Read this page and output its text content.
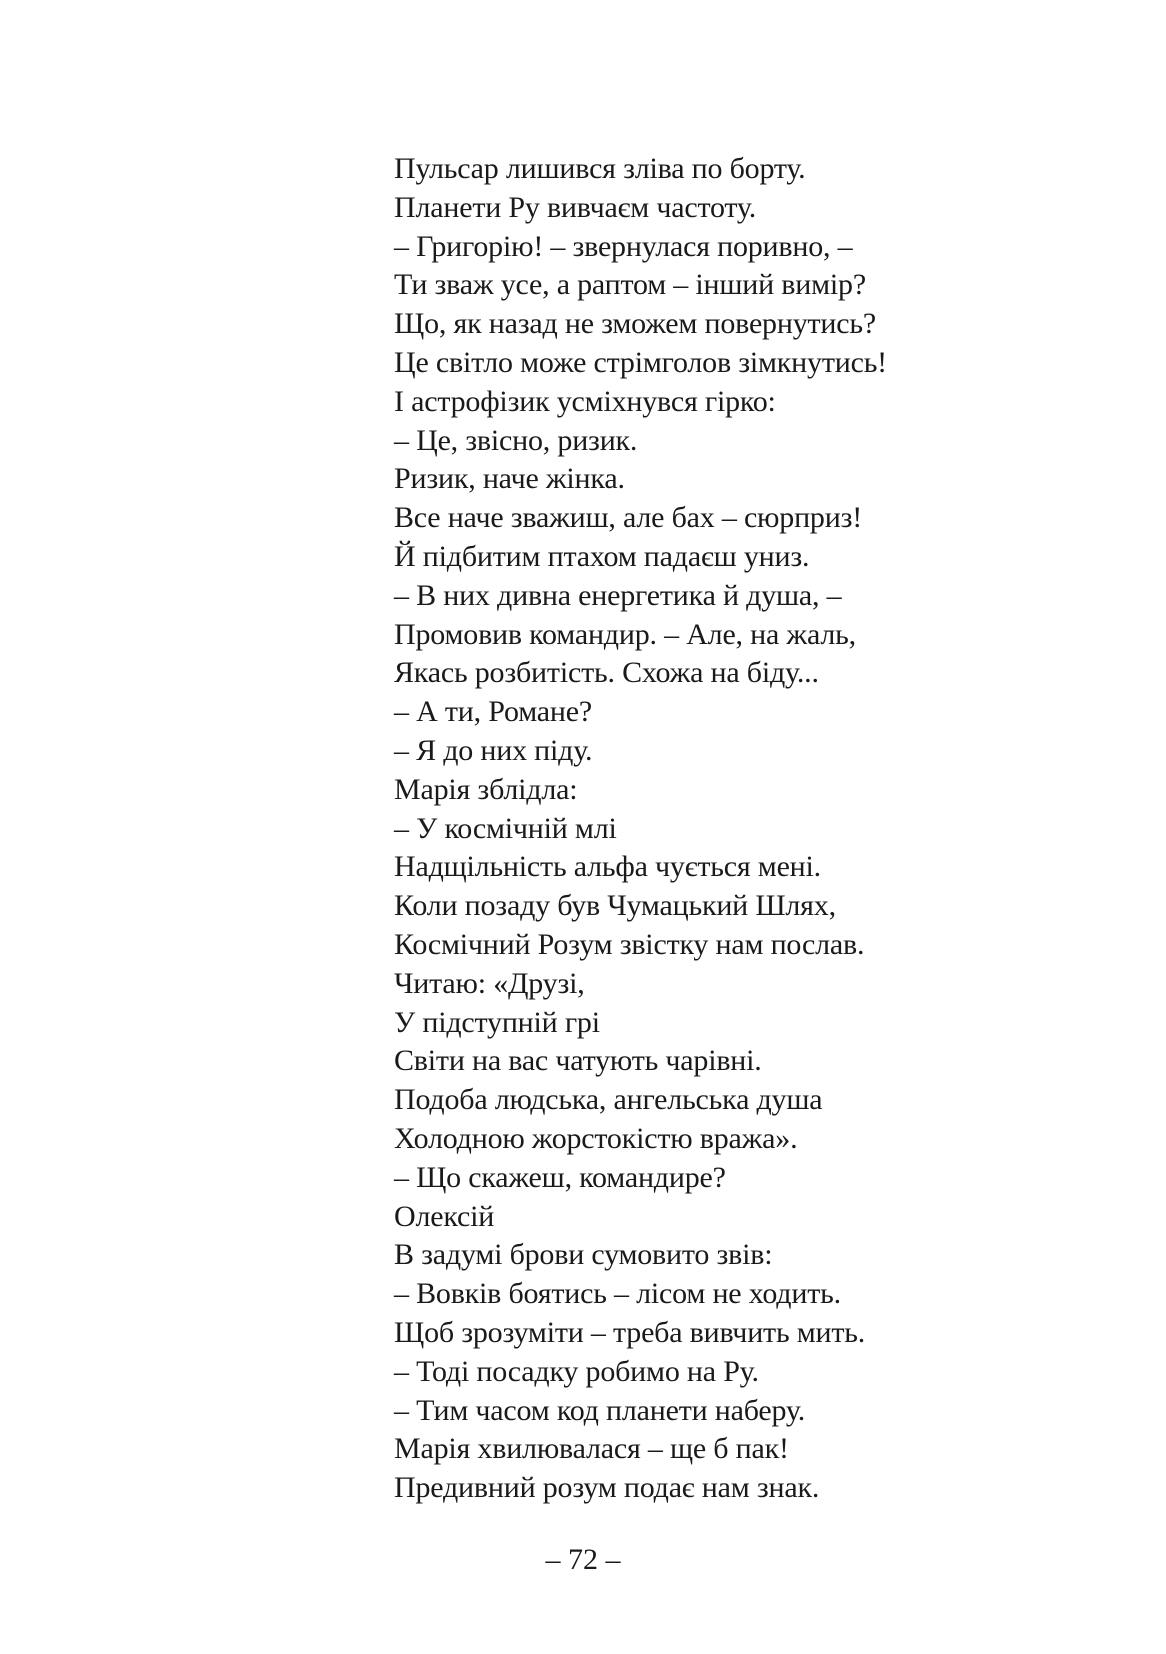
Пульсар лишився зліва по борту.
Планети Ру вивчаєм частоту.
– Григорію! – звернулася поривно, –
Ти зваж усе, а раптом – інший вимір?
Що, як назад не зможем повернутись?
Це світло може стрімголов зімкнутись!
І астрофізик усміхнувся гірко:
– Це, звісно, ризик.
Ризик, наче жінка.
Все наче зважиш, але бах – сюрприз!
Й підбитим птахом падаєш униз.
– В них дивна енергетика й душа, –
Промовив командир. – Але, на жаль,
Якась розбитість. Схожа на біду...
– А ти, Романе?
– Я до них піду.
Марія зблідла:
– У космічній млі
Надщільність альфа чується мені.
Коли позаду був Чумацький Шлях,
Космічний Розум звістку нам послав.
Читаю: «Друзі,
У підступній грі
Світи на вас чатують чарівні.
Подоба людська, ангельська душа
Холодною жорстокістю вража».
– Що скажеш, командире?
Олексій
В задумі брови сумовито звів:
– Вовків боятись – лісом не ходить.
Щоб зрозуміти – треба вивчить мить.
– Тоді посадку робимо на Ру.
– Тим часом код планети наберу.
Марія хвилювалася – ще б пак!
Предивний розум подає нам знак.
– 72 –
